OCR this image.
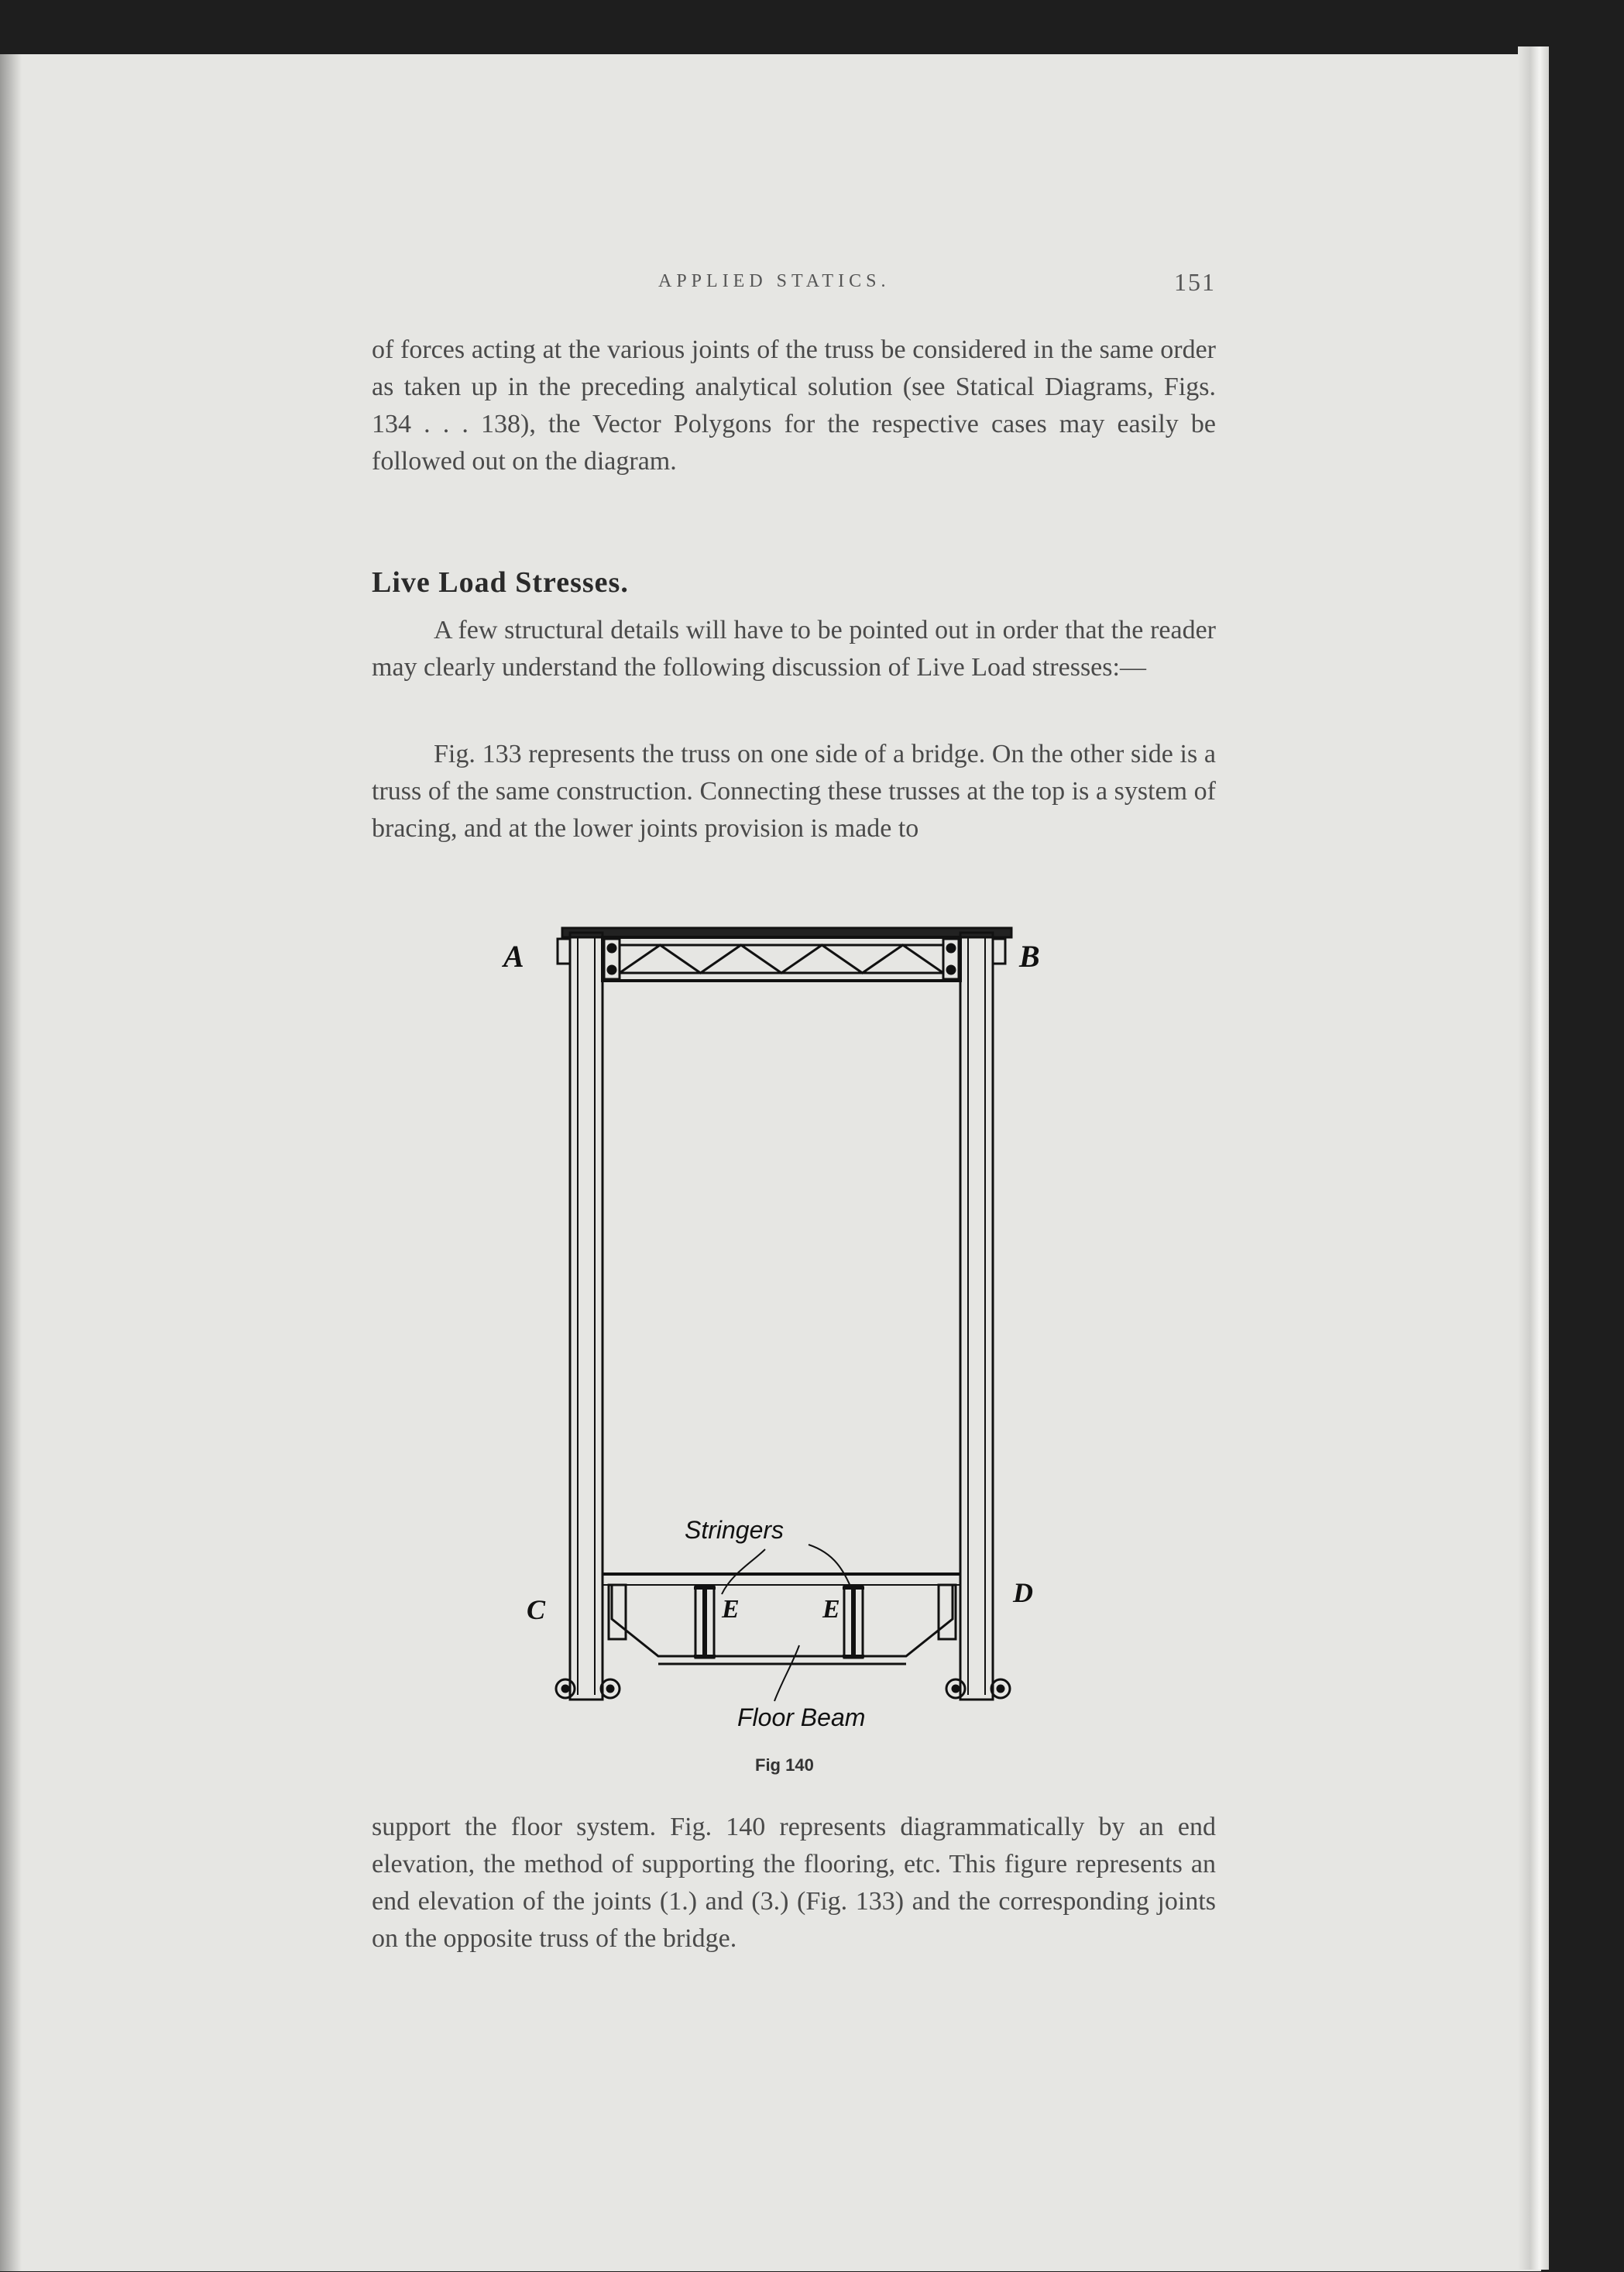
APPLIED STATICS.	151

of forces acting at the various joints of the truss be considered in the same order as taken up in the preceding analytical solution (see Statical Diagrams, Figs. 134 . . . 138), the Vector Polygons for the respective cases may easily be followed out on the diagram.

Live Load Stresses.

A few structural details will have to be pointed out in order that the reader may clearly understand the following discussion of Live Load stresses:—

Fig. 133 represents the truss on one side of a bridge. On the other side is a truss of the same construction. Connecting these trusses at the top is a system of bracing, and at the lower joints provision is made to

A	B
C
D
E	E
Stringers
Floor Beam
Fig 140

support the floor system. Fig. 140 represents diagrammatically by an end elevation, the method of supporting the flooring, etc. This figure represents an end elevation of the joints (1.) and (3.) (Fig. 133) and the corresponding joints on the opposite truss of the bridge.
